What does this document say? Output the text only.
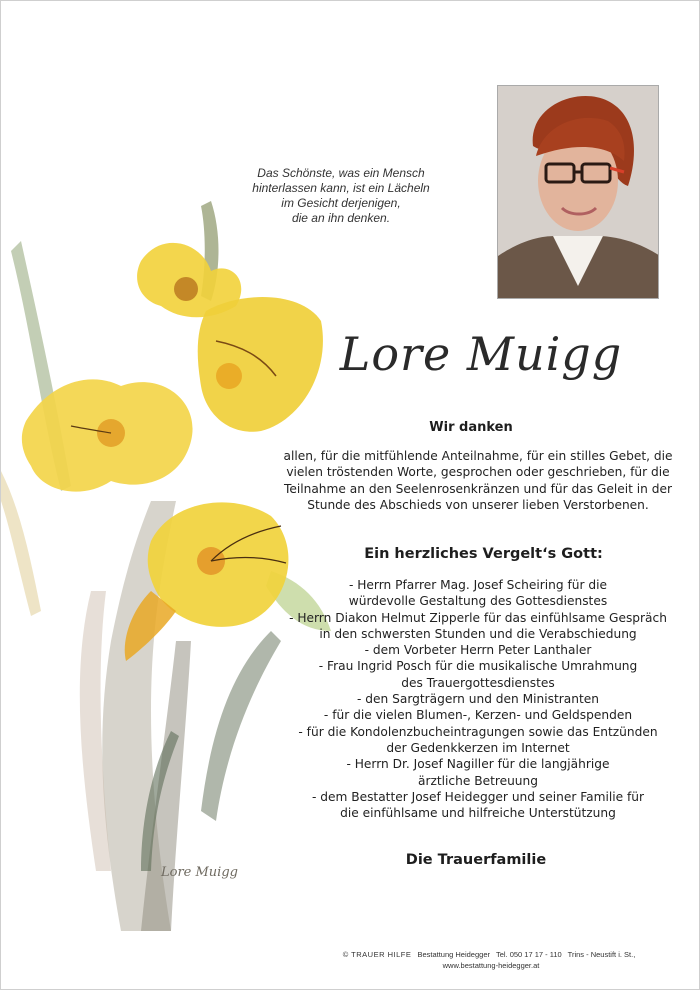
Lore Muigg
Das Schönste, was ein Mensch
hinterlassen kann, ist ein Lächeln
im Gesicht derjenigen,
die an ihn denken.
Lore Muigg
Wir danken
allen, für die mitfühlende Anteilnahme, für ein stilles Gebet, die
vielen tröstenden Worte, gesprochen oder geschrieben, für die
Teilnahme an den Seelenrosenkränzen und für das Geleit in der
Stunde des Abschieds von unserer lieben Verstorbenen.
Ein herzliches Vergelt‘s Gott:
- Herrn Pfarrer Mag. Josef Scheiring für die
würdevolle Gestaltung des Gottesdienstes
- Herrn Diakon Helmut Zipperle für das einfühlsame Gespräch
in den schwersten Stunden und die Verabschiedung
- dem Vorbeter Herrn Peter Lanthaler
- Frau Ingrid Posch für die musikalische Umrahmung
des Trauergottesdienstes
- den Sargträgern und den Ministranten
- für die vielen Blumen-, Kerzen- und Geldspenden
- für die Kondolenzbucheintragungen sowie das Entzünden
der Gedenkkerzen im Internet
- Herrn Dr. Josef Nagiller für die langjährige
ärztliche Betreuung
- dem Bestatter Josef Heidegger und seiner Familie für
die einfühlsame und hilfreiche Unterstützung
Die Trauerfamilie
© TRAUER HILFE Bestattung Heidegger Tel. 050 17 17 - 110 Trins - Neustift i. St.,
www.bestattung-heidegger.at
